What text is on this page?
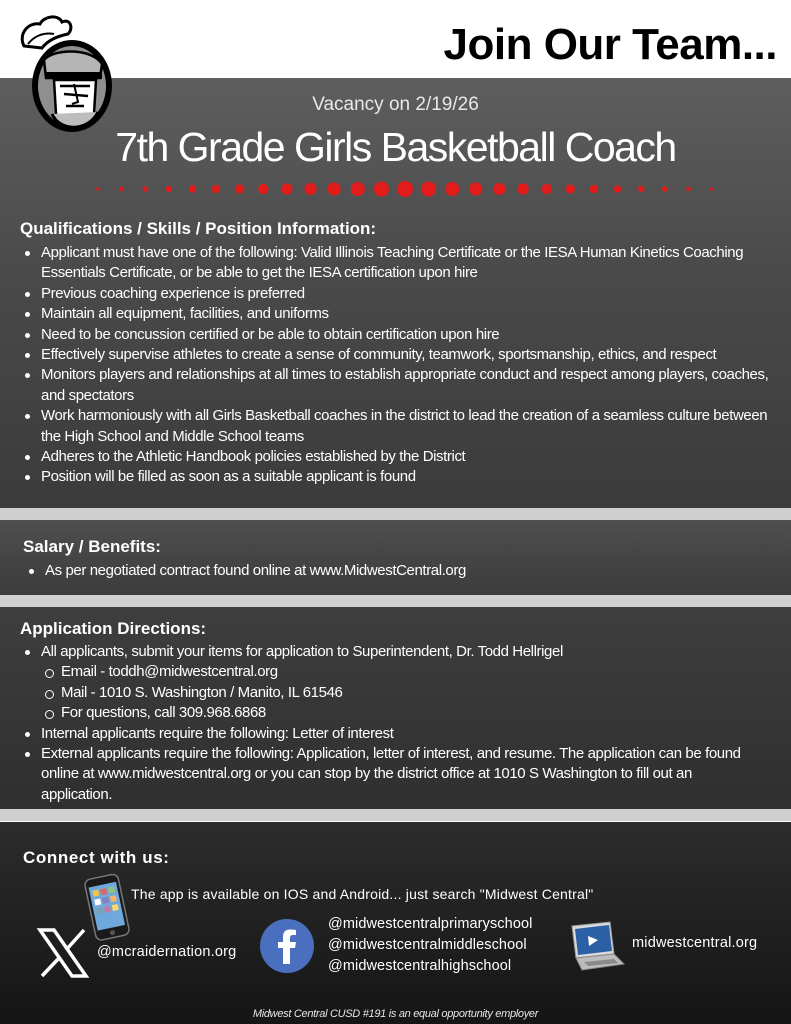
Join Our Team...
Vacancy on 2/19/26
7th Grade Girls Basketball Coach
Qualifications / Skills / Position Information:
Applicant must have one of the following: Valid Illinois Teaching Certificate or the IESA Human Kinetics Coaching Essentials Certificate, or be able to get the IESA certification upon hire
Previous coaching experience is preferred
Maintain all equipment, facilities, and uniforms
Need to be concussion certified or be able to obtain certification upon hire
Effectively supervise athletes to create a sense of community, teamwork, sportsmanship, ethics, and respect
Monitors players and relationships at all times to establish appropriate conduct and respect among players, coaches, and spectators
Work harmoniously with all Girls Basketball coaches in the district to lead the creation of a seamless culture between the High School and Middle School teams
Adheres to the Athletic Handbook policies established by the District
Position will be filled as soon as a suitable applicant is found
Salary / Benefits:
As per negotiated contract found online at www.MidwestCentral.org
Application Directions:
All applicants, submit your items for application to Superintendent, Dr. Todd Hellrigel
Email - toddh@midwestcentral.org
Mail - 1010 S. Washington / Manito, IL 61546
For questions, call 309.968.6868
Internal applicants require the following: Letter of interest
External applicants require the following: Application, letter of interest, and resume. The application can be found online at www.midwestcentral.org or you can stop by the district office at 1010 S Washington to fill out an application.
Connect with us:
The app is available on IOS and Android... just search "Midwest Central"
@mcraidernation.org
@midwestcentralprimaryschool
@midwestcentralmiddleschool
@midwestcentralhighschool
midwestcentral.org
Midwest Central CUSD #191 is an equal opportunity employer
